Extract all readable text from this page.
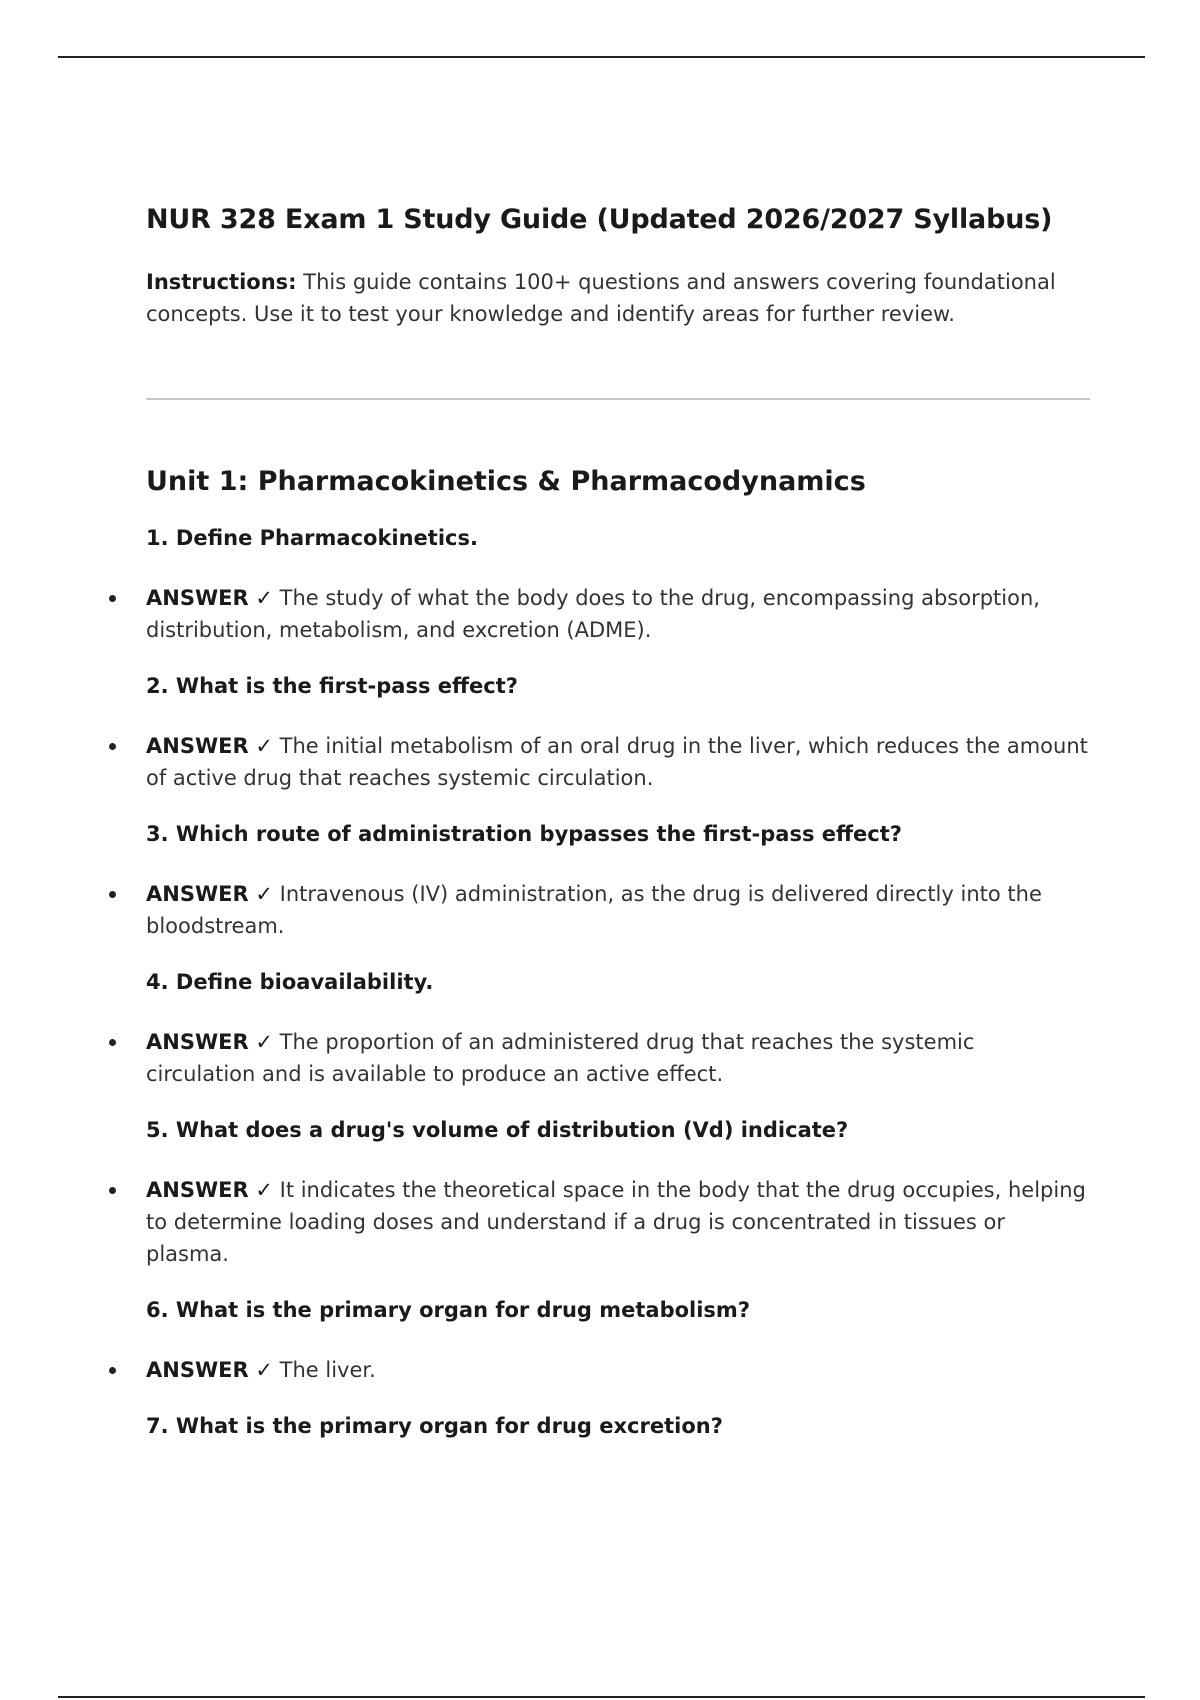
NUR 328 Exam 1 Study Guide (Updated 2026/2027 Syllabus)

Instructions: This guide contains 100+ questions and answers covering foundational concepts. Use it to test your knowledge and identify areas for further review.

Unit 1: Pharmacokinetics & Pharmacodynamics

1. Define Pharmacokinetics.

ANSWER ✓ The study of what the body does to the drug, encompassing absorption, distribution, metabolism, and excretion (ADME).

2. What is the first-pass effect?

ANSWER ✓ The initial metabolism of an oral drug in the liver, which reduces the amount of active drug that reaches systemic circulation.

3. Which route of administration bypasses the first-pass effect?

ANSWER ✓ Intravenous (IV) administration, as the drug is delivered directly into the bloodstream.

4. Define bioavailability.

ANSWER ✓ The proportion of an administered drug that reaches the systemic circulation and is available to produce an active effect.

5. What does a drug's volume of distribution (Vd) indicate?

ANSWER ✓ It indicates the theoretical space in the body that the drug occupies, helping to determine loading doses and understand if a drug is concentrated in tissues or plasma.

6. What is the primary organ for drug metabolism?

ANSWER ✓ The liver.

7. What is the primary organ for drug excretion?
